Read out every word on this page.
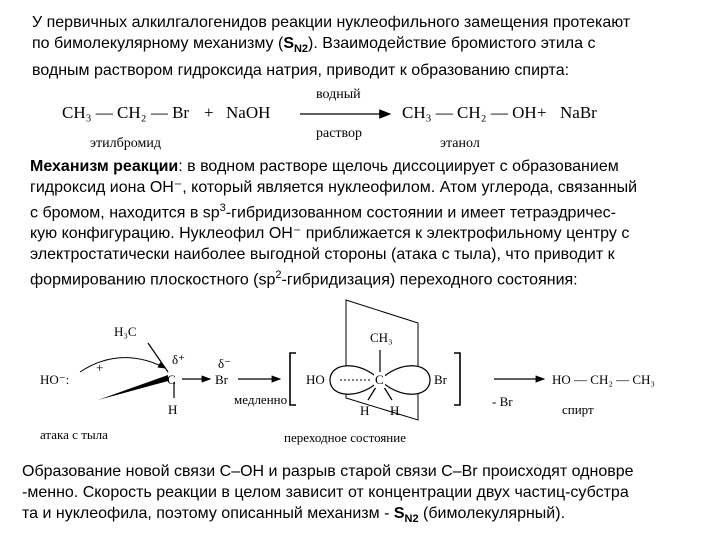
У первичных алкилгалогенидов реакции нуклеофильного замещения протекают
по бимолекулярному механизму $(S_{N2})$. Взаимодействие бромистого этила с
водным раствором гидроксида натрия, приводит к образованию спирта:
CH₃ — CH₂ — Br + NaOH
водный
раствор
CH₃ — CH₂ — OH + NaBr
этилбромид	этанол
Механизм реакции: в водном растворе щелочь диссоциирует с образованием
гидроксид иона OH⁻, который является нуклеофилом. Атом углерода, связанный
с бромом, находится в $sp^3$-гибридизованном состоянии и имеет тетраэдричес-
кую конфигурацию. Нуклеофил OH⁻ приближается к электрофильному центру с
электростатически наиболее выгодной стороны (атака с тыла), что приводит к
формированию плоскостного $(sp^2-гибридизация)$ переходного состояния:
H₃C
HO⁻:
+
C
δ⁺	δ⁻
Br
H
атака с тыла
медленно
CH₃
HO	C	Br
H H
переходное состояние
- Br
HO — CH₂ — CH₃
спирт
Образование новой связи C–OH и разрыв старой связи C–Br происходят одновре
-менно. Скорость реакции в целом зависит от концентрации двух частиц-субстра
та и нуклеофила, поэтому описанный механизм - $S_{N2}$ (бимолекулярный).
